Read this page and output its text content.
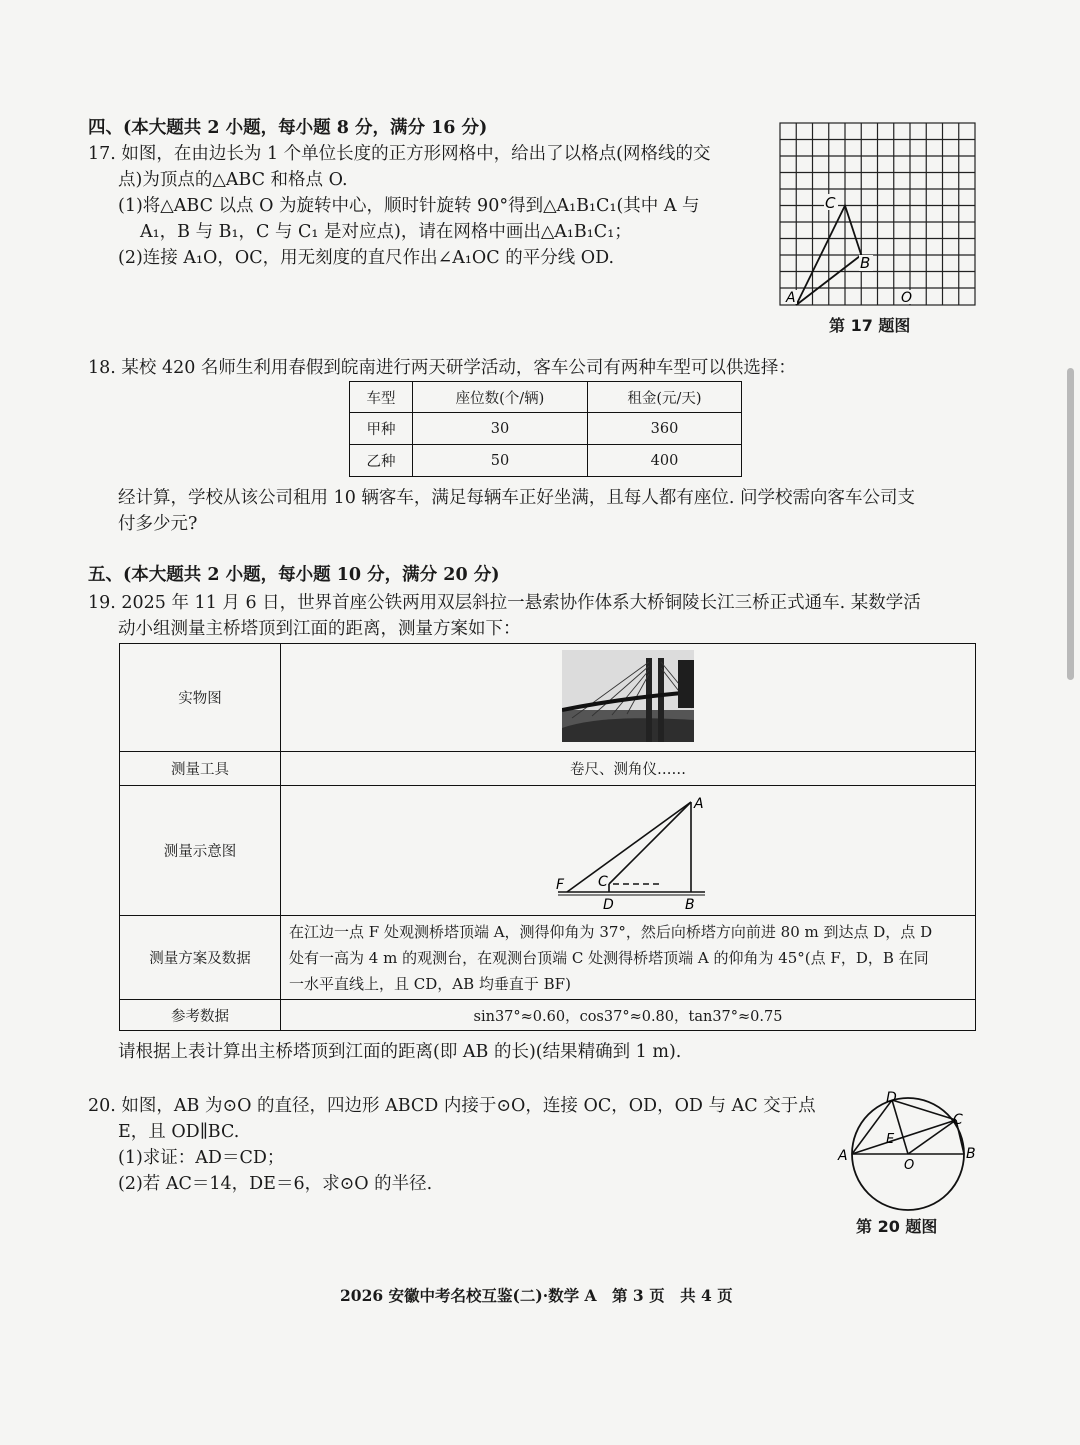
四、(本大题共 2 小题，每小题 8 分，满分 16 分)
17. 如图，在由边长为 1 个单位长度的正方形网格中，给出了以格点(网格线的交
点)为顶点的△ABC 和格点 O.
(1)将△ABC 以点 O 为旋转中心，顺时针旋转 90°得到△A₁B₁C₁(其中 A 与
A₁，B 与 B₁，C 与 C₁ 是对应点)，请在网格中画出△A₁B₁C₁；
(2)连接 A₁O，OC，用无刻度的直尺作出∠A₁OC 的平分线 OD.
A
C
B
O
第 17 题图
18. 某校 420 名师生利用春假到皖南进行两天研学活动，客车公司有两种车型可以供选择：
车型	座位数(个/辆)	租金(元/天)
甲种	30	360
乙种	50	400
经计算，学校从该公司租用 10 辆客车，满足每辆车正好坐满，且每人都有座位. 问学校需向客车公司支
付多少元?
五、(本大题共 2 小题，每小题 10 分，满分 20 分)
19. 2025 年 11 月 6 日，世界首座公铁两用双层斜拉一悬索协作体系大桥铜陵长江三桥正式通车. 某数学活
动小组测量主桥塔顶到江面的距离，测量方案如下：
实物图	
测量工具	卷尺、测角仪……
测量示意图	A
F C
D B

测量方案及数据	在江边一点 F 处观测桥塔顶端 A，测得仰角为 37°，然后向桥塔方向前进 80 m 到达点 D，点 D
处有一高为 4 m 的观测台，在观测台顶端 C 处测得桥塔顶端 A 的仰角为 45°(点 F，D，B 在同
一水平直线上，且 CD，AB 均垂直于 BF)

参考数据	sin37°≈0.60，cos37°≈0.80，tan37°≈0.75
请根据上表计算出主桥塔顶到江面的距离(即 AB 的长)(结果精确到 1 m).
20. 如图，AB 为⊙O 的直径，四边形 ABCD 内接于⊙O，连接 OC，OD，OD 与 AC 交于点
E，且 OD∥BC.
(1)求证：AD＝CD；
(2)若 AC＝14，DE＝6，求⊙O 的半径.
D
C
E
A	B
O
第 20 题图
2026 安徽中考名校互鉴(二)·数学 A　第 3 页　共 4 页
